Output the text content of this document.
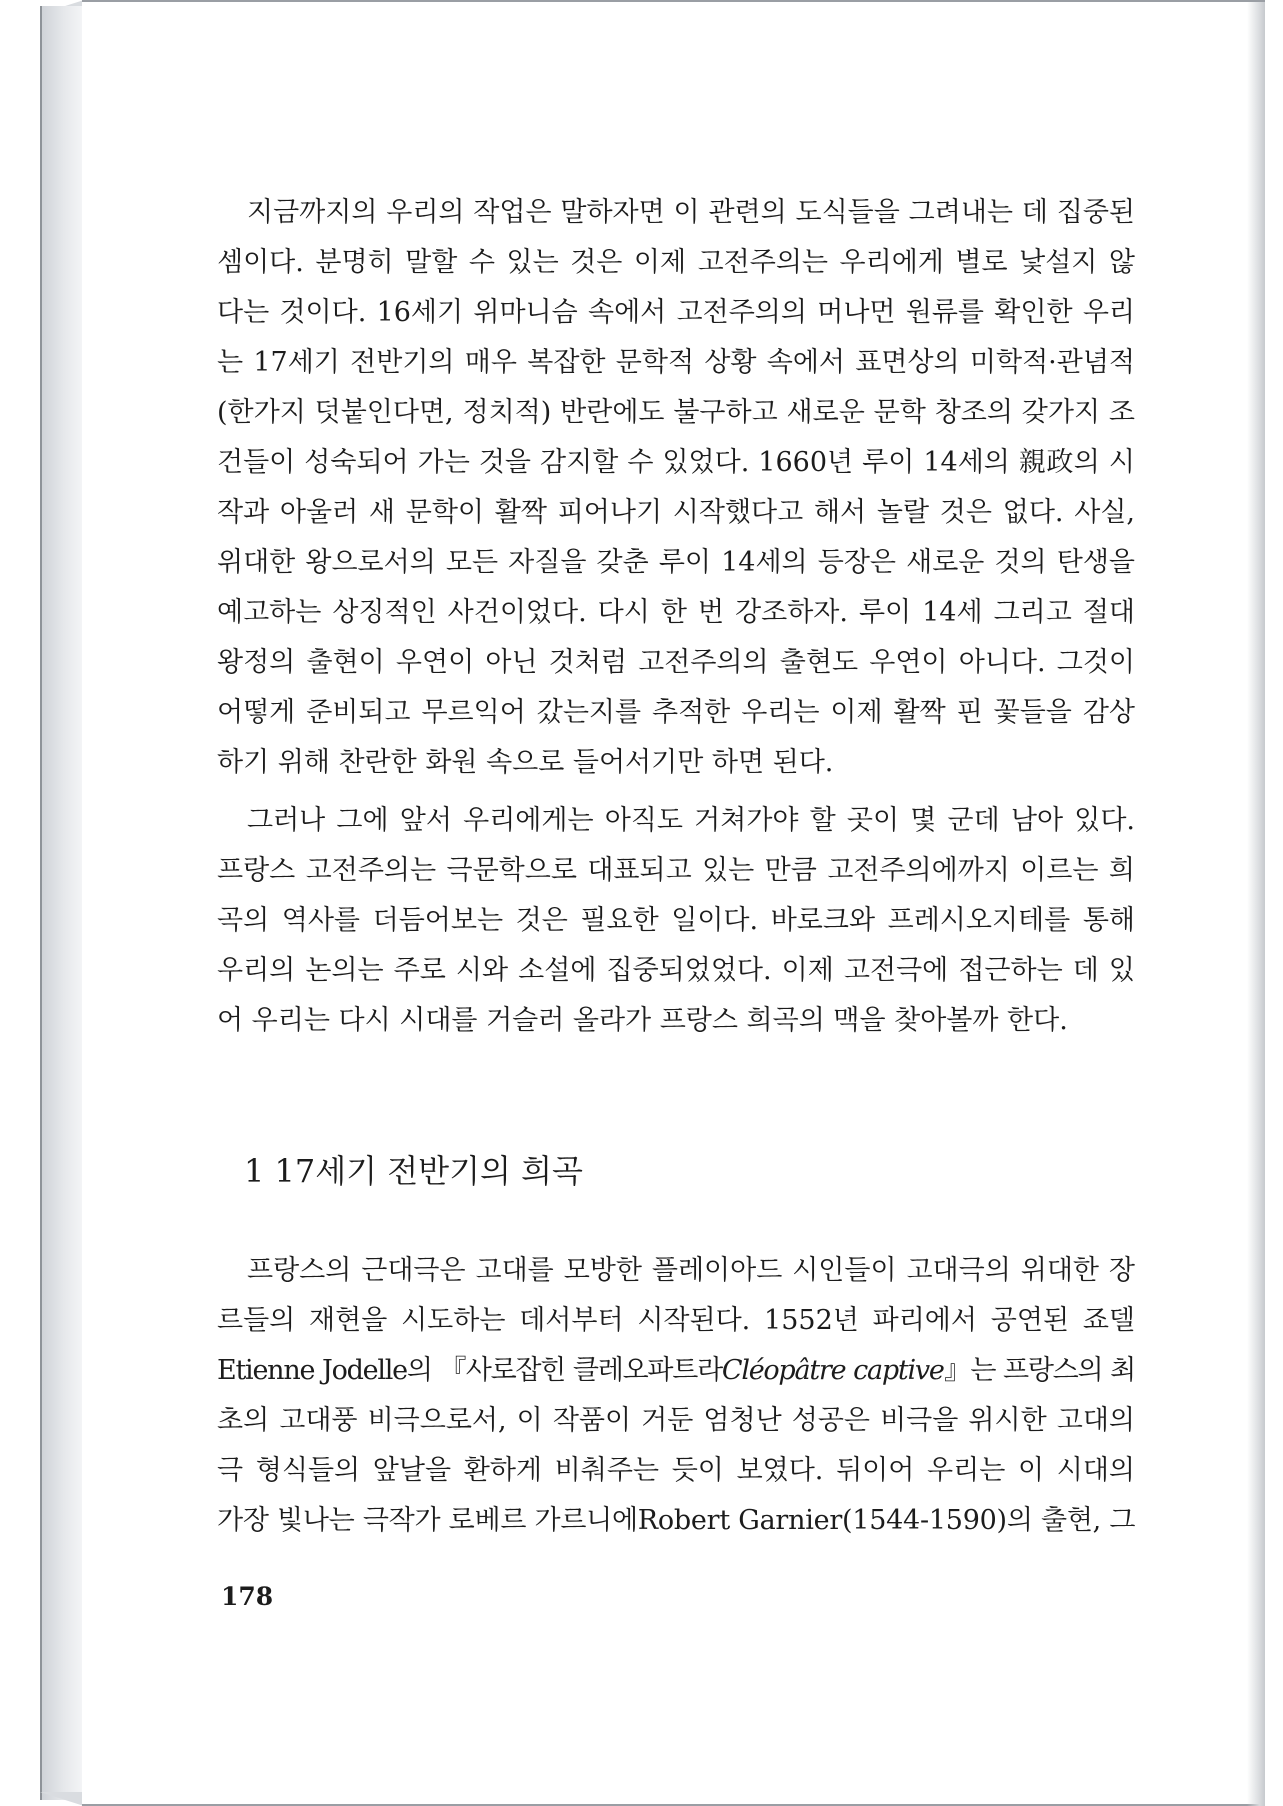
지금까지의 우리의 작업은 말하자면 이 관련의 도식들을 그려내는 데 집중된
셈이다. 분명히 말할 수 있는 것은 이제 고전주의는 우리에게 별로 낯설지 않
다는 것이다. 16세기 위마니슴 속에서 고전주의의 머나먼 원류를 확인한 우리
는 17세기 전반기의 매우 복잡한 문학적 상황 속에서 표면상의 미학적·관념적
(한가지 덧붙인다면, 정치적) 반란에도 불구하고 새로운 문학 창조의 갖가지 조
건들이 성숙되어 가는 것을 감지할 수 있었다. 1660년 루이 14세의 親政의 시
작과 아울러 새 문학이 활짝 피어나기 시작했다고 해서 놀랄 것은 없다. 사실,
위대한 왕으로서의 모든 자질을 갖춘 루이 14세의 등장은 새로운 것의 탄생을
예고하는 상징적인 사건이었다. 다시 한 번 강조하자. 루이 14세 그리고 절대
왕정의 출현이 우연이 아닌 것처럼 고전주의의 출현도 우연이 아니다. 그것이
어떻게 준비되고 무르익어 갔는지를 추적한 우리는 이제 활짝 핀 꽃들을 감상
하기 위해 찬란한 화원 속으로 들어서기만 하면 된다.
그러나 그에 앞서 우리에게는 아직도 거쳐가야 할 곳이 몇 군데 남아 있다.
프랑스 고전주의는 극문학으로 대표되고 있는 만큼 고전주의에까지 이르는 희
곡의 역사를 더듬어보는 것은 필요한 일이다. 바로크와 프레시오지테를 통해
우리의 논의는 주로 시와 소설에 집중되었었다. 이제 고전극에 접근하는 데 있
어 우리는 다시 시대를 거슬러 올라가 프랑스 희곡의 맥을 찾아볼까 한다.
1 17세기 전반기의 희곡
프랑스의 근대극은 고대를 모방한 플레이아드 시인들이 고대극의 위대한 장
르들의 재현을 시도하는 데서부터 시작된다. 1552년 파리에서 공연된 죠델
Etienne Jodelle의 『사로잡힌 클레오파트라Cléopâtre captive』는 프랑스의 최
초의 고대풍 비극으로서, 이 작품이 거둔 엄청난 성공은 비극을 위시한 고대의
극 형식들의 앞날을 환하게 비춰주는 듯이 보였다. 뒤이어 우리는 이 시대의
가장 빛나는 극작가 로베르 가르니에Robert Garnier(1544-1590)의 출현, 그
178
